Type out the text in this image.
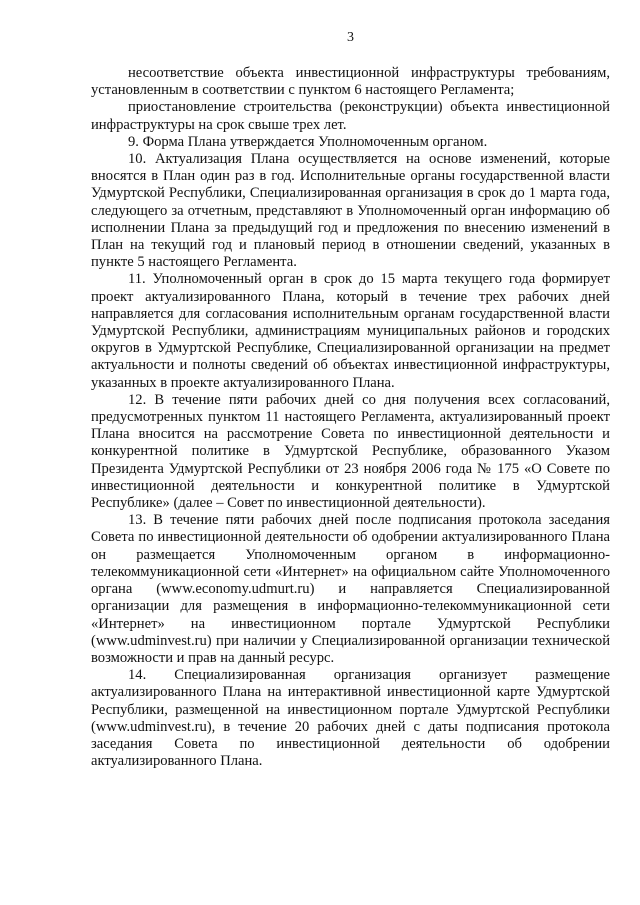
3

несоответствие объекта инвестиционной инфраструктуры требованиям, установленным в соответствии с пунктом 6 настоящего Регламента;

приостановление строительства (реконструкции) объекта инвестиционной инфраструктуры на срок свыше трех лет.

9. Форма Плана утверждается Уполномоченным органом.

10. Актуализация Плана осуществляется на основе изменений, которые вносятся в План один раз в год. Исполнительные органы государственной власти Удмуртской Республики, Специализированная организация в срок до 1 марта года, следующего за отчетным, представляют в Уполномоченный орган информацию об исполнении Плана за предыдущий год и предложения по внесению изменений в План на текущий год и плановый период в отношении сведений, указанных в пункте 5 настоящего Регламента.

11. Уполномоченный орган в срок до 15 марта текущего года формирует проект актуализированного Плана, который в течение трех рабочих дней направляется для согласования исполнительным органам государственной власти Удмуртской Республики, администрациям муниципальных районов и городских округов в Удмуртской Республике, Специализированной организации на предмет актуальности и полноты сведений об объектах инвестиционной инфраструктуры, указанных в проекте актуализированного Плана.

12. В течение пяти рабочих дней со дня получения всех согласований, предусмотренных пунктом 11 настоящего Регламента, актуализированный проект Плана вносится на рассмотрение Совета по инвестиционной деятельности и конкурентной политике в Удмуртской Республике, образованного Указом Президента Удмуртской Республики от 23 ноября 2006 года № 175 «О Совете по инвестиционной деятельности и конкурентной политике в Удмуртской Республике» (далее – Совет по инвестиционной деятельности).

13. В течение пяти рабочих дней после подписания протокола заседания Совета по инвестиционной деятельности об одобрении актуализированного Плана он размещается Уполномоченным органом в информационно-телекоммуникационной сети «Интернет» на официальном сайте Уполномоченного органа (www.economy.udmurt.ru) и направляется Специализированной организации для размещения в информационно-телекоммуникационной сети «Интернет» на инвестиционном портале Удмуртской Республики (www.udminvest.ru) при наличии у Специализированной организации технической возможности и прав на данный ресурс.

14. Специализированная организация организует размещение актуализированного Плана на интерактивной инвестиционной карте Удмуртской Республики, размещенной на инвестиционном портале Удмуртской Республики (www.udminvest.ru), в течение 20 рабочих дней с даты подписания протокола заседания Совета по инвестиционной деятельности об одобрении актуализированного Плана.
